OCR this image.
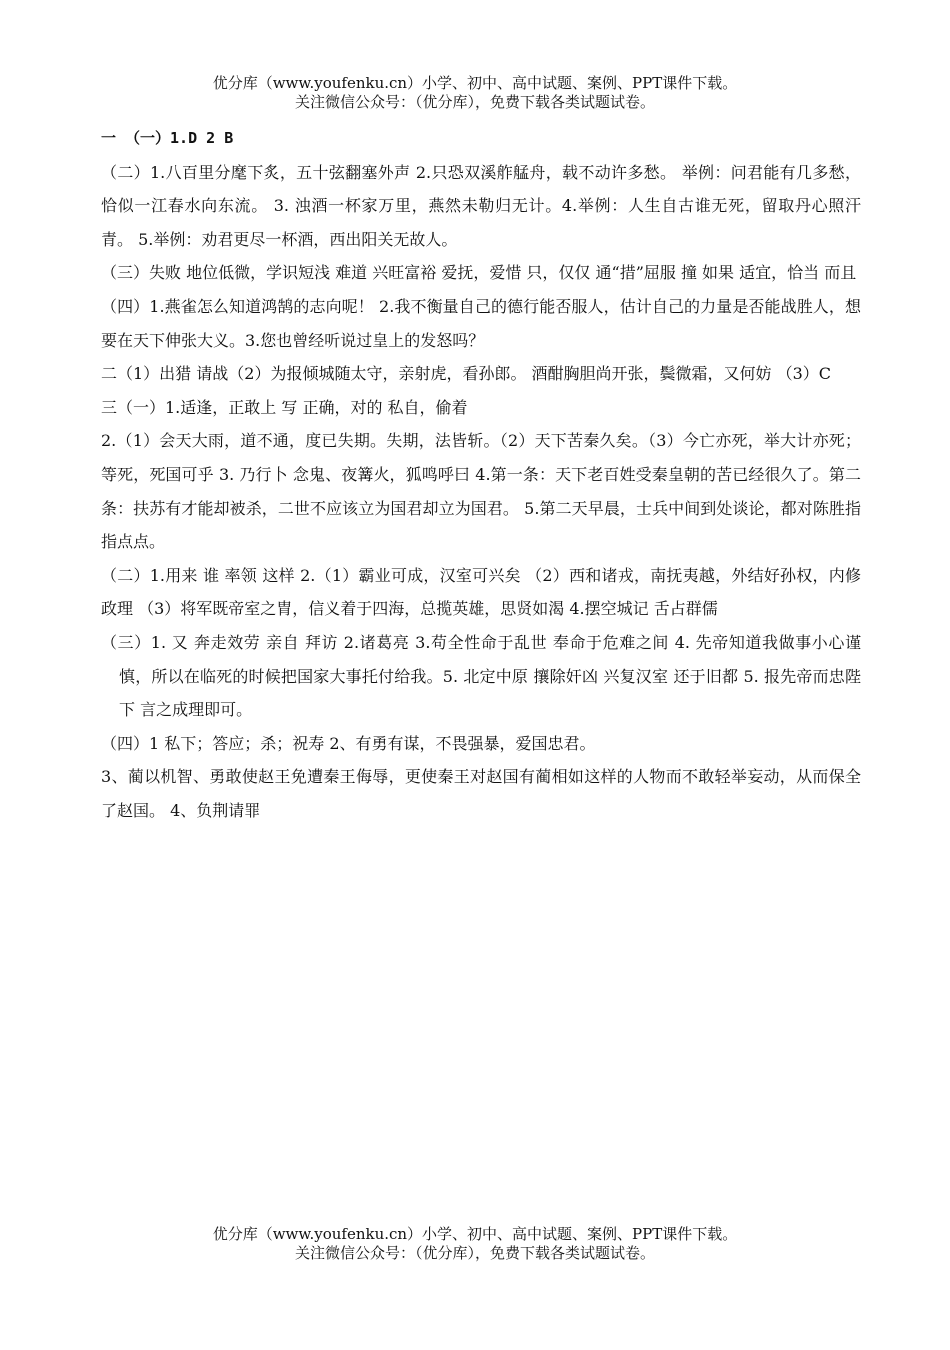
优分库（www.youfenku.cn）小学、初中、高中试题、案例、PPT课件下载。
关注微信公众号：（优分库），免费下载各类试题试卷。

一 （一）1.D 2 B

（二）1.八百里分麾下炙，五十弦翻塞外声 2.只恐双溪舴艋舟，载不动许多愁。 举例：问君能有几多愁，恰似一江春水向东流。 3. 浊酒一杯家万里，燕然未勒归无计。4.举例：人生自古谁无死，留取丹心照汗青。 5.举例：劝君更尽一杯酒，西出阳关无故人。

（三）失败 地位低微，学识短浅 难道 兴旺富裕 爱抚，爱惜 只，仅仅 通“措”屈服 撞 如果 适宜，恰当 而且

（四）1.燕雀怎么知道鸿鹄的志向呢！ 2.我不衡量自己的德行能否服人，估计自己的力量是否能战胜人，想要在天下伸张大义。3.您也曾经听说过皇上的发怒吗？

二（1）出猎 请战（2）为报倾城随太守，亲射虎，看孙郎。 酒酣胸胆尚开张，鬓微霜，又何妨 （3）C

三（一）1.适逢，正敢上 写 正确，对的 私自，偷着

2.（1）会天大雨，道不通，度已失期。失期，法皆斩。（2）天下苦秦久矣。（3）今亡亦死，举大计亦死；等死，死国可乎 3. 乃行卜 念鬼、夜篝火，狐鸣呼曰 4.第一条：天下老百姓受秦皇朝的苦已经很久了。第二条：扶苏有才能却被杀，二世不应该立为国君却立为国君。 5.第二天早晨，士兵中间到处谈论，都对陈胜指指点点。

（二）1.用来 谁 率领 这样 2.（1）霸业可成，汉室可兴矣 （2）西和诸戎，南抚夷越，外结好孙权，内修政理 （3）将军既帝室之胄，信义着于四海，总揽英雄，思贤如渴 4.摆空城记 舌占群儒

（三）1. 又 奔走效劳 亲自 拜访 2.诸葛亮 3.苟全性命于乱世 奉命于危难之间 4. 先帝知道我做事小心谨慎，所以在临死的时候把国家大事托付给我。5. 北定中原 攘除奸凶 兴复汉室 还于旧都 5. 报先帝而忠陛下 言之成理即可。

（四）1 私下；答应；杀；祝寿 2、有勇有谋，不畏强暴，爱国忠君。

3、蔺以机智、勇敢使赵王免遭秦王侮辱，更使秦王对赵国有蔺相如这样的人物而不敢轻举妄动，从而保全了赵国。 4、负荆请罪

优分库（www.youfenku.cn）小学、初中、高中试题、案例、PPT课件下载。
关注微信公众号：（优分库），免费下载各类试题试卷。
